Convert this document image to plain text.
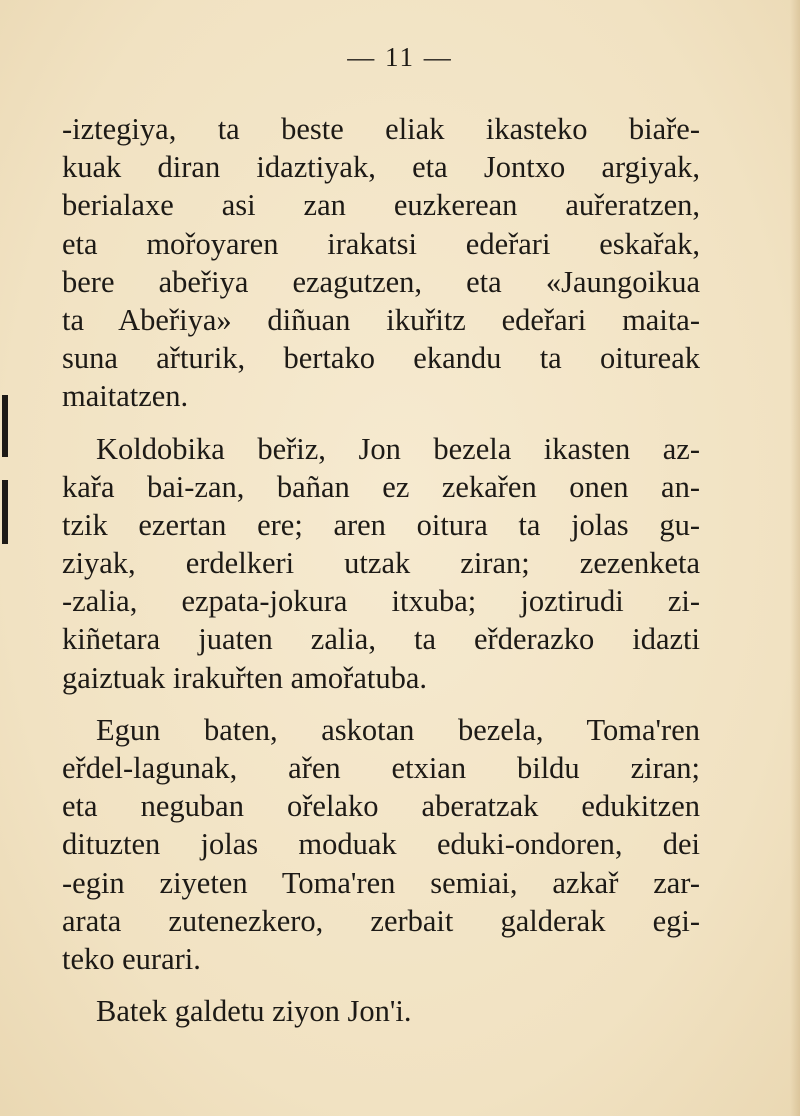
— 11 —
-iztegiya, ta beste eliak ikasteko biaře-
kuak diran idaztiyak, eta Jontxo argiyak,
berialaxe asi zan euzkerean auřeratzen,
eta mořoyaren irakatsi edeřari eskařak,
bere abeřiya ezagutzen, eta «Jaungoikua
ta Abeřiya» diñuan ikuřitz edeřari maita-
suna ařturik, bertako ekandu ta oitureak
maitatzen.
Koldobika beřiz, Jon bezela ikasten az-
kařa bai-zan, bañan ez zekařen onen an-
tzik ezertan ere; aren oitura ta jolas gu-
ziyak, erdelkeri utzak ziran; zezenketa
-zalia, ezpata-jokura itxuba; joztirudi zi-
kiñetara juaten zalia, ta eřderazko idazti
gaiztuak irakuřten amořatuba.
Egun baten, askotan bezela, Toma'ren
eřdel-lagunak, ařen etxian bildu ziran;
eta neguban ořelako aberatzak edukitzen
dituzten jolas moduak eduki-ondoren, dei
-egin ziyeten Toma'ren semiai, azkař zar-
arata zutenezkero, zerbait galderak egi-
teko eurari.
Batek galdetu ziyon Jon'i.
